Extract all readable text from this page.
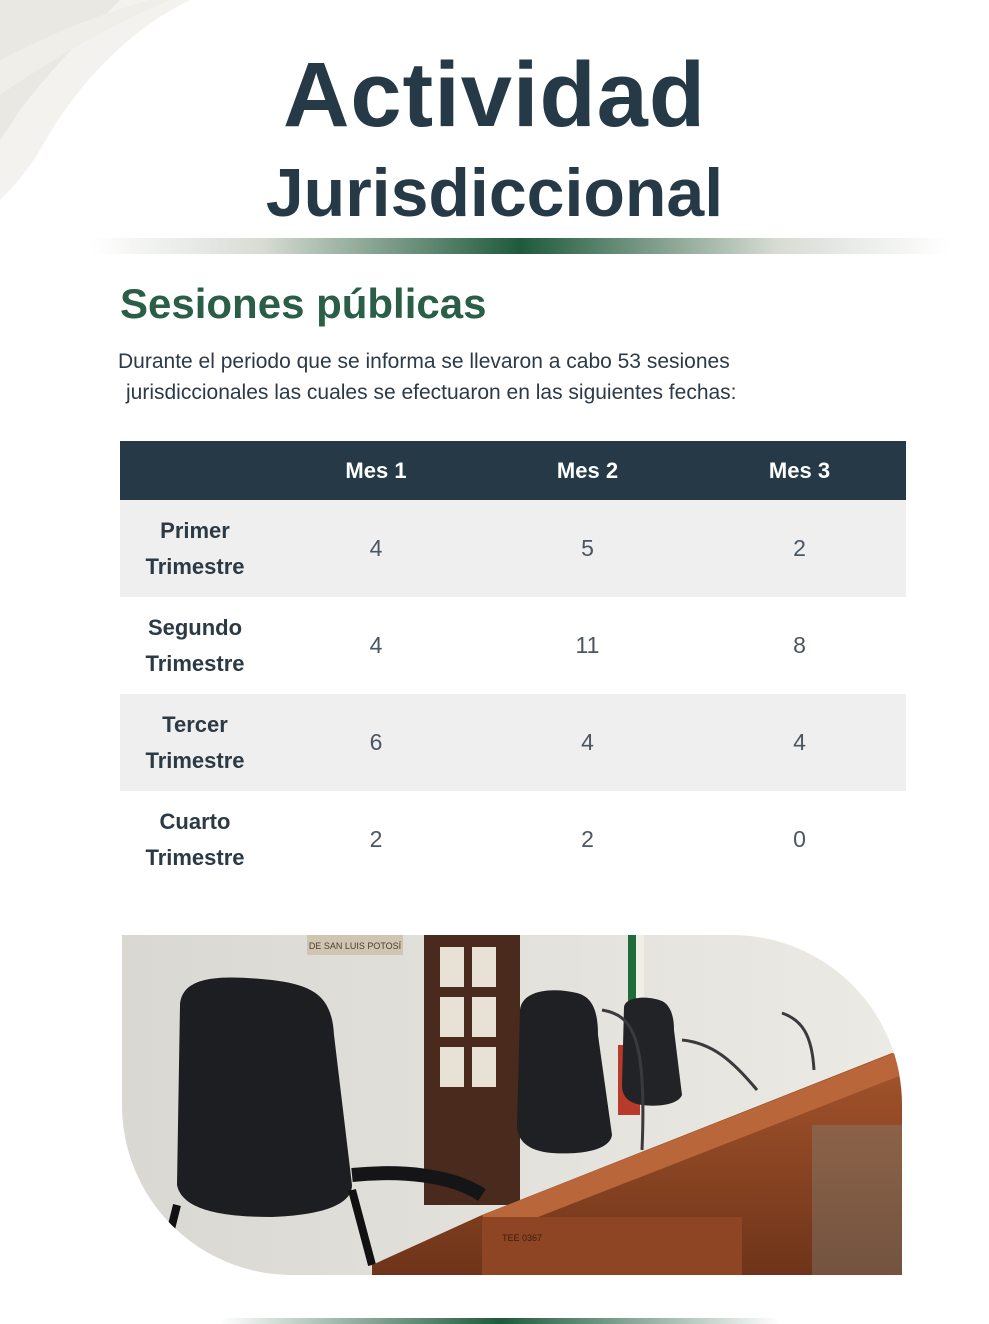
Actividad
Jurisdiccional
Sesiones públicas
Durante el periodo que se informa se llevaron a cabo 53 sesiones
jurisdiccionales las cuales se efectuaron en las siguientes fechas:
	Mes 1	Mes 2	Mes 3

Primer
Trimestre	4	5	2

Segundo
Trimestre	4	11	8

Tercer
Trimestre	6	4	4

Cuarto
Trimestre	2	2	0
DE SAN LUIS POTOSÍ
TEE 0367
